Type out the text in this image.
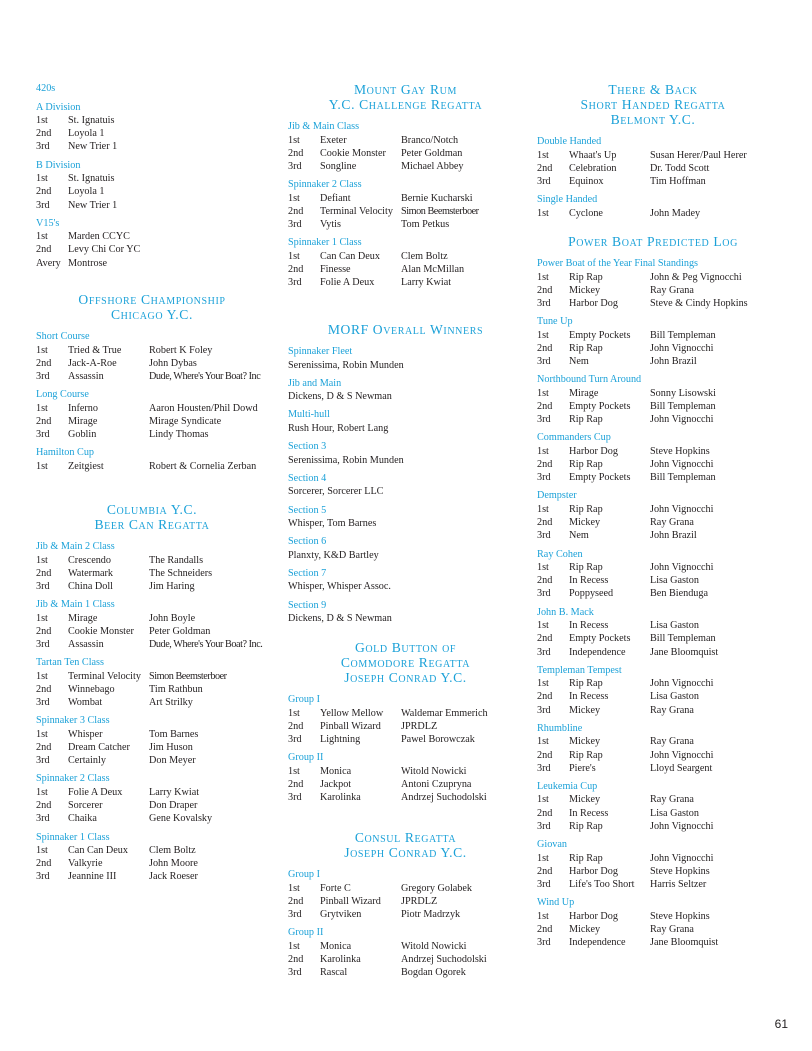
420s
A Division
1st	St. Ignatuis
2nd	Loyola 1
3rd	New Trier 1
B Division
1st	St. Ignatuis
2nd	Loyola 1
3rd	New Trier 1
V15's
1st	Marden CCYC
2nd	Levy Chi Cor YC
Avery Montrose
Offshore Championship
Chicago Y.C.
Short Course
1st	Tried & True	Robert K Foley
2nd	Jack-A-Roe	John Dybas
3rd	Assassin	Dude, Where's Your Boat? Inc
Long Course
1st	Inferno	Aaron Housten/Phil Dowd
2nd	Mirage	Mirage Syndicate
3rd	Goblin	Lindy Thomas
Hamilton Cup
1st	Zeitgiest	Robert & Cornelia Zerban
Columbia Y.C.
Beer Can Regatta
Jib & Main 2 Class
1st	Crescendo	The Randalls
2nd	Watermark	The Schneiders
3rd	China Doll	Jim Haring
Jib & Main 1 Class
1st	Mirage	John Boyle
2nd	Cookie Monster	Peter Goldman
3rd	Assassin	Dude, Where's Your Boat? Inc.
Tartan Ten Class
1st	Terminal Velocity Simon Beemsterboer
2nd	Winnebago	Tim Rathbun
3rd	Wombat	Art Strilky
Spinnaker 3 Class
1st	Whisper	Tom Barnes
2nd	Dream Catcher	Jim Huson
3rd	Certainly	Don Meyer
Spinnaker 2 Class
1st	Folie A Deux	Larry Kwiat
2nd	Sorcerer	Don Draper
3rd	Chaika	Gene Kovalsky
Spinnaker 1 Class
1st	Can Can Deux	Clem Boltz
2nd	Valkyrie	John Moore
3rd	Jeannine III	Jack Roeser
Mount Gay Rum
Y.C. Challenge Regatta
Jib & Main Class
1st	Exeter	Branco/Notch
2nd	Cookie Monster	Peter Goldman
3rd	Songline	Michael Abbey
Spinnaker 2 Class
1st	Defiant	Bernie Kucharski
2nd	Terminal Velocity Simon Beemsterboer
3rd	Vytis	Tom Petkus
Spinnaker 1 Class
1st	Can Can Deux	Clem Boltz
2nd	Finesse	Alan McMillan
3rd	Folie A Deux	Larry Kwiat
MORF Overall Winners
Spinnaker Fleet
Serenissima, Robin Munden
Jib and Main
Dickens, D & S Newman
Multi-hull
Rush Hour, Robert Lang
Section 3
Serenissima, Robin Munden
Section 4
Sorcerer, Sorcerer LLC
Section 5
Whisper, Tom Barnes
Section 6
Planxty, K&D Bartley
Section 7
Whisper, Whisper Assoc.
Section 9
Dickens, D & S Newman
Gold Button of
Commodore Regatta
Joseph Conrad Y.C.
Group I
1st	Yellow Mellow	Waldemar Emmerich
2nd	Pinball Wizard	JPRDLZ
3rd	Lightning	Pawel Borowczak
Group II
1st	Monica	Witold Nowicki
2nd	Jackpot	Antoni Czupryna
3rd	Karolinka	Andrzej Suchodolski
Consul Regatta
Joseph Conrad Y.C.
Group I
1st	Forte C	Gregory Golabek
2nd	Pinball Wizard	JPRDLZ
3rd	Grytviken	Piotr Madrzyk
Group II
1st	Monica	Witold Nowicki
2nd	Karolinka	Andrzej Suchodolski
3rd	Rascal	Bogdan Ogorek
There & Back
Short Handed Regatta
Belmont Y.C.
Double Handed
1st	Whaat's Up	Susan Herer/Paul Herer
2nd	Celebration	Dr. Todd Scott
3rd	Equinox	Tim Hoffman
Single Handed
1st	Cyclone	John Madey
Power Boat Predicted Log
Power Boat of the Year Final Standings
1st	Rip Rap	John & Peg Vignocchi
2nd	Mickey	Ray Grana
3rd	Harbor Dog	Steve & Cindy Hopkins
Tune Up
1st	Empty Pockets	Bill Templeman
2nd	Rip Rap	John Vignocchi
3rd	Nem	John Brazil
Northbound Turn Around
1st	Mirage	Sonny Lisowski
2nd	Empty Pockets	Bill Templeman
3rd	Rip Rap	John Vignocchi
Commanders Cup
1st	Harbor Dog	Steve Hopkins
2nd	Rip Rap	John Vignocchi
3rd	Empty Pockets	Bill Templeman
Dempster
1st	Rip Rap	John Vignocchi
2nd	Mickey	Ray Grana
3rd	Nem	John Brazil
Ray Cohen
1st	Rip Rap	John Vignocchi
2nd	In Recess	Lisa Gaston
3rd	Poppyseed	Ben Bienduga
John B. Mack
1st	In Recess	Lisa Gaston
2nd	Empty Pockets	Bill Templeman
3rd	Independence	Jane Bloomquist
Templeman Tempest
1st	Rip Rap	John Vignocchi
2nd	In Recess	Lisa Gaston
3rd	Mickey	Ray Grana
Rhumbline
1st	Mickey	Ray Grana
2nd	Rip Rap	John Vignocchi
3rd	Piere's	Lloyd Seargent
Leukemia Cup
1st	Mickey	Ray Grana
2nd	In Recess	Lisa Gaston
3rd	Rip Rap	John Vignocchi
Giovan
1st	Rip Rap	John Vignocchi
2nd	Harbor Dog	Steve Hopkins
3rd	Life's Too Short	Harris Seltzer
Wind Up
1st	Harbor Dog	Steve Hopkins
2nd	Mickey	Ray Grana
3rd	Independence	Jane Bloomquist
61
